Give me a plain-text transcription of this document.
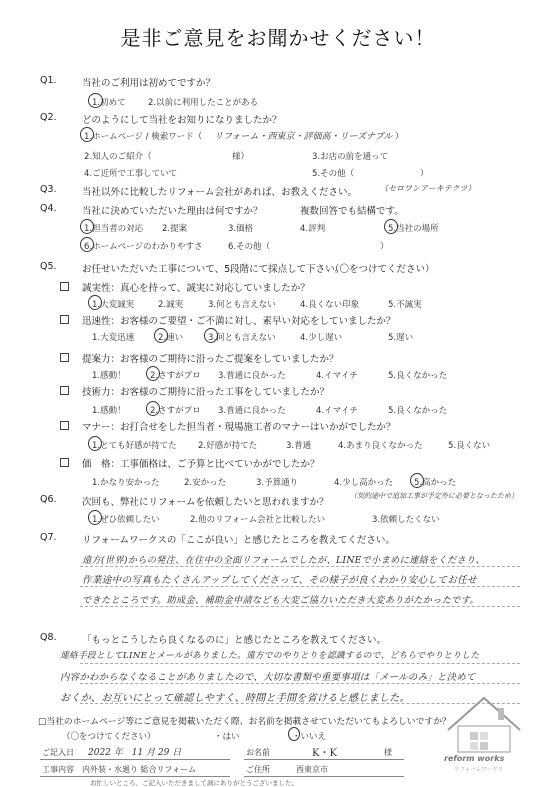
是非ご意見をお聞かせください！
Q1.	当社のご利用は初めてですか？
1.初めて	2.以前に利用したことがある
Q2.	どのようにして当社をお知りになりましたか？
1.ホームページ / 検索ワード（ リフォーム・西東京・評価高・リーズナブル ）
2.知人のご紹介（	様）	3.お店の前を通って
4.ご近所で工事していて	5.その他（	）
Q3.	当社以外に比較したリフォーム会社があれば、お教えください。	（セロワンアーキテクツ）
Q4.	当社に決めていただいた理由は何ですか？	複数回答でも結構です。
1.担当者の対応 2.提案	3.価格	4.評判	5.当社の場所
6.ホームページのわかりやすさ	6.その他（	）
Q5.	お任せいただいた工事について、5段階にて採点して下さい。
（〇をつけてください）
誠実性：真心を持って、誠実に対応していましたか？
1.大変誠実	2.誠実	3.何とも言えない	4.良くない印象	5.不誠実
迅速性：お客様のご要望・ご不満に対し、素早い対応をしていましたか？
1.大変迅速	2.速い	3.何とも言えない	4.少し遅い	5.遅い
提案力：お客様のご期待に沿ったご提案をしていましたか？
1.感動！	2.さすがプロ 3.普通に良かった	4.イマイチ	5.良くなかった
技術力：お客様のご期待に沿った工事をしていましたか？
1.感動！	2.さすがプロ 3.普通に良かった	4.イマイチ	5.良くなかった
マナー：お打合せをした担当者・現場施工者のマナーはいかがでしたか？
1.とても好感が持てた	2.好感が持てた	3.普通	4.あまり良くなかった	5.良くない
価　格：工事価格は、ご予算と比べていかがでしたか？
1.かなり安かった	2.安かった	3.予算通り	4.少し高かった 5.高かった
Q6.	次回も、弊社にリフォームを依頼したいと思われますか？
（契約途中で追加工事が予定外に必要となったため）
1.ぜひ依頼したい	2.他のリフォーム会社と比較したい	3.依頼したくない
Q7.	リフォームワークスの「ここが良い」と感じたところを教えてください。
遠方(世界)からの発注、在住中の全面リフォームでしたが、LINEで小まめに連絡をくださり、
作業途中の写真もたくさんアップしてくださって、その様子が良くわかり安心してお任せ
できたところです。助成金、補助金申請なども大変ご協力いただき大変ありがたかったです。
Q8.	「もっとこうしたら良くなるのに」と感じたところを教えてください。
連絡手段としてLINEとメールがありました。遠方でのやりとりを認識するので、どちらでやりとりした
内容かわからなくなることがありましたので、大切な書類や重要事項は「メールのみ」と決めて
おくか、お互いにとって確認しやすく、時間と手間を省けると感じました。
□当社のホームページ等にご意見を掲載いただく際、お名前を掲載させていただいてもよろしいですか？
（〇をつけてください）	・はい	・いいえ
ご記入日 2022 年　11 月 29 日	お名前	K・K	様
工事内容 内外装・水廻り 総合リフォーム	ご住所	西東京市
お忙しいところ、ご記入いただきまして誠にありがとうございました。
reform works
リフォームワークス
